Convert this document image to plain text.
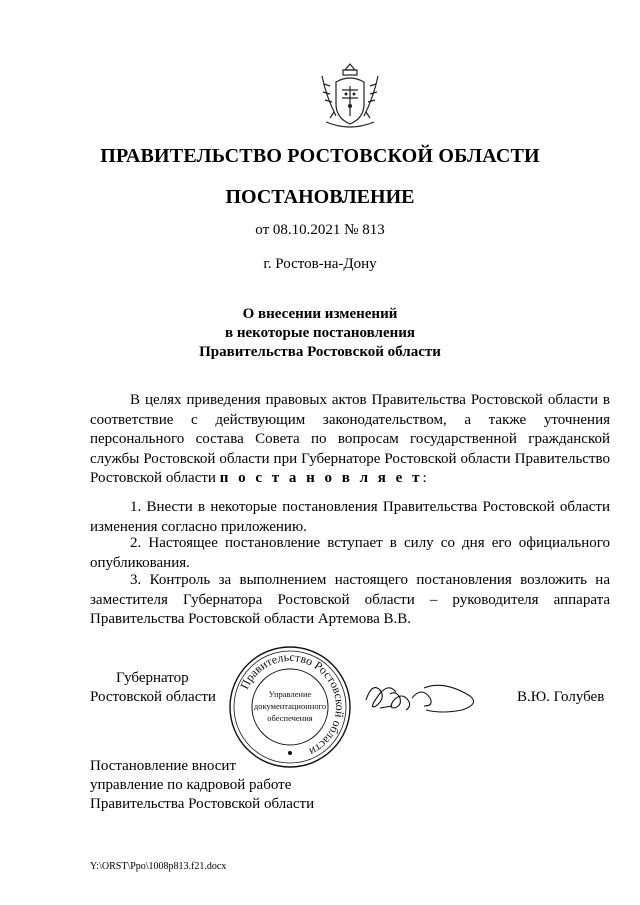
ПРАВИТЕЛЬСТВО РОСТОВСКОЙ ОБЛАСТИ
ПОСТАНОВЛЕНИЕ
от 08.10.2021 № 813
г. Ростов-на-Дону
О внесении изменений
в некоторые постановления
Правительства Ростовской области
В целях приведения правовых актов Правительства Ростовской области в соответствие с действующим законодательством, а также уточнения персонального состава Совета по вопросам государственной гражданской службы Ростовской области при Губернаторе Ростовской области Правительство Ростовской области п о с т а н о в л я е т:
1. Внести в некоторые постановления Правительства Ростовской области изменения согласно приложению.
2. Настоящее постановление вступает в силу со дня его официального опубликования.
3. Контроль за выполнением настоящего постановления возложить на заместителя Губернатора Ростовской области – руководителя аппарата Правительства Ростовской области Артемова В.В.
Губернатор
Ростовской области	В.Ю. Голубев
Правительство Ростовской области
Управление
документационного
обеспечения
Постановление вносит
управление по кадровой работе
Правительства Ростовской области
Y:\ORST\Ppo\1008p813.f21.docx
